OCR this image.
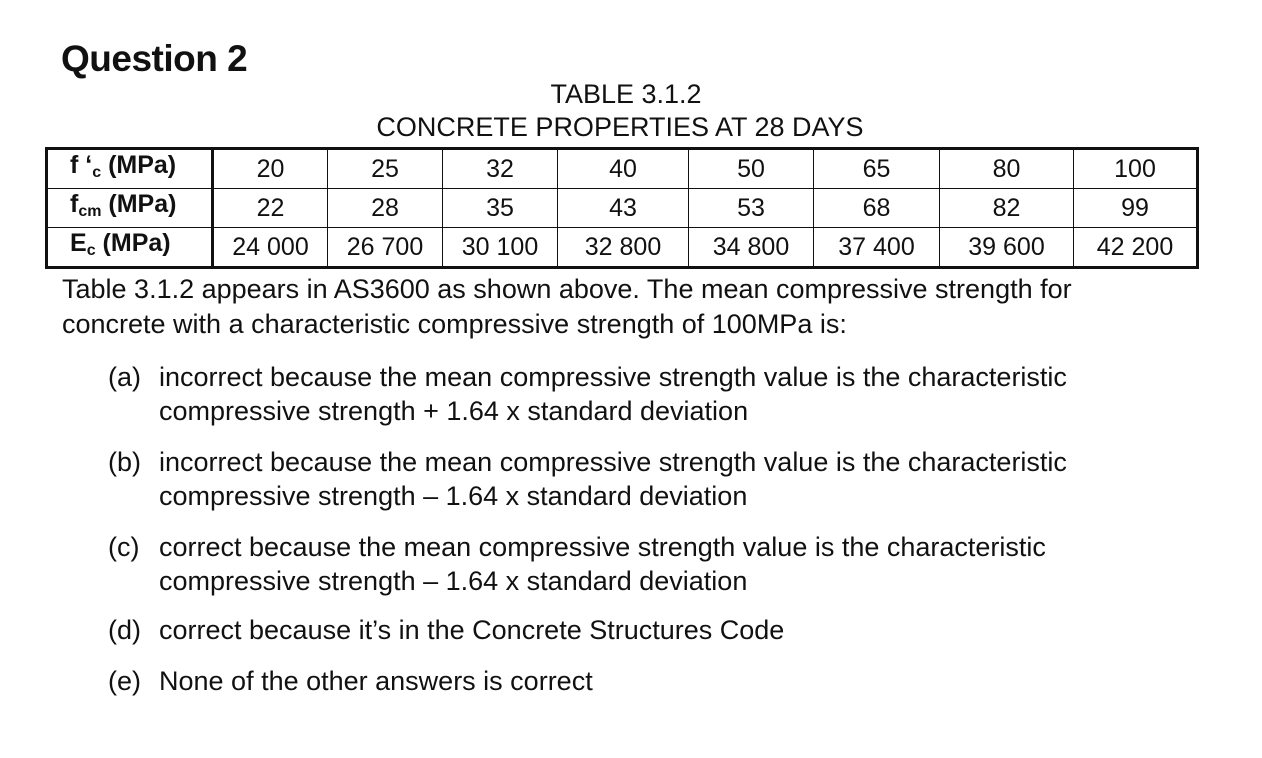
Question 2
TABLE 3.1.2
CONCRETE PROPERTIES AT 28 DAYS
f ‘$_c$ (MPa)	20	25	32	40	50	65	80	100
$f_{cm}$ (MPa)	22	28	35	43	53	68	82	99
$E_c$ (MPa)	24 000	26 700	30 100	32 800	34 800	37 400	39 600	42 200

Table 3.1.2 appears in AS3600 as shown above. The mean compressive strength for concrete with a characteristic compressive strength of 100MPa is:

(a) incorrect because the mean compressive strength value is the characteristic
compressive strength + 1.64 x standard deviation
(b) incorrect because the mean compressive strength value is the characteristic
compressive strength – 1.64 x standard deviation
(c) correct because the mean compressive strength value is the characteristic
compressive strength – 1.64 x standard deviation
(d) correct because it’s in the Concrete Structures Code
(e) None of the other answers is correct
